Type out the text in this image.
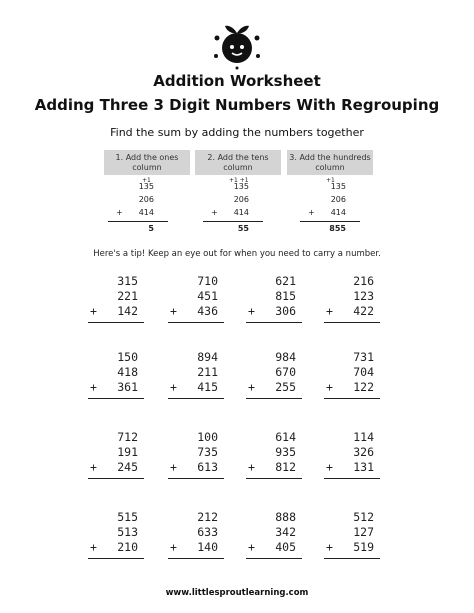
Addition Worksheet
Adding Three 3 Digit Numbers With Regrouping
Find the sum by adding the numbers together
1. Add the ones column
2. Add the tens column
3. Add the hundreds column
+1
135
206
+ 414
5
+1 +1
135
206
+ 414
55
+1
135
206
+ 414
855
Here's a tip! Keep an eye out for when you need to carry a number.
315
221
+ 142
710
451
+ 436
621
815
+ 306
216
123
+ 422
150
418
+ 361
894
211
+ 415
984
670
+ 255
731
704
+ 122
712
191
+ 245
100
735
+ 613
614
935
+ 812
114
326
+ 131
515
513
+ 210
212
633
+ 140
888
342
+ 405
512
127
+ 519
www.littlesproutlearning.com
